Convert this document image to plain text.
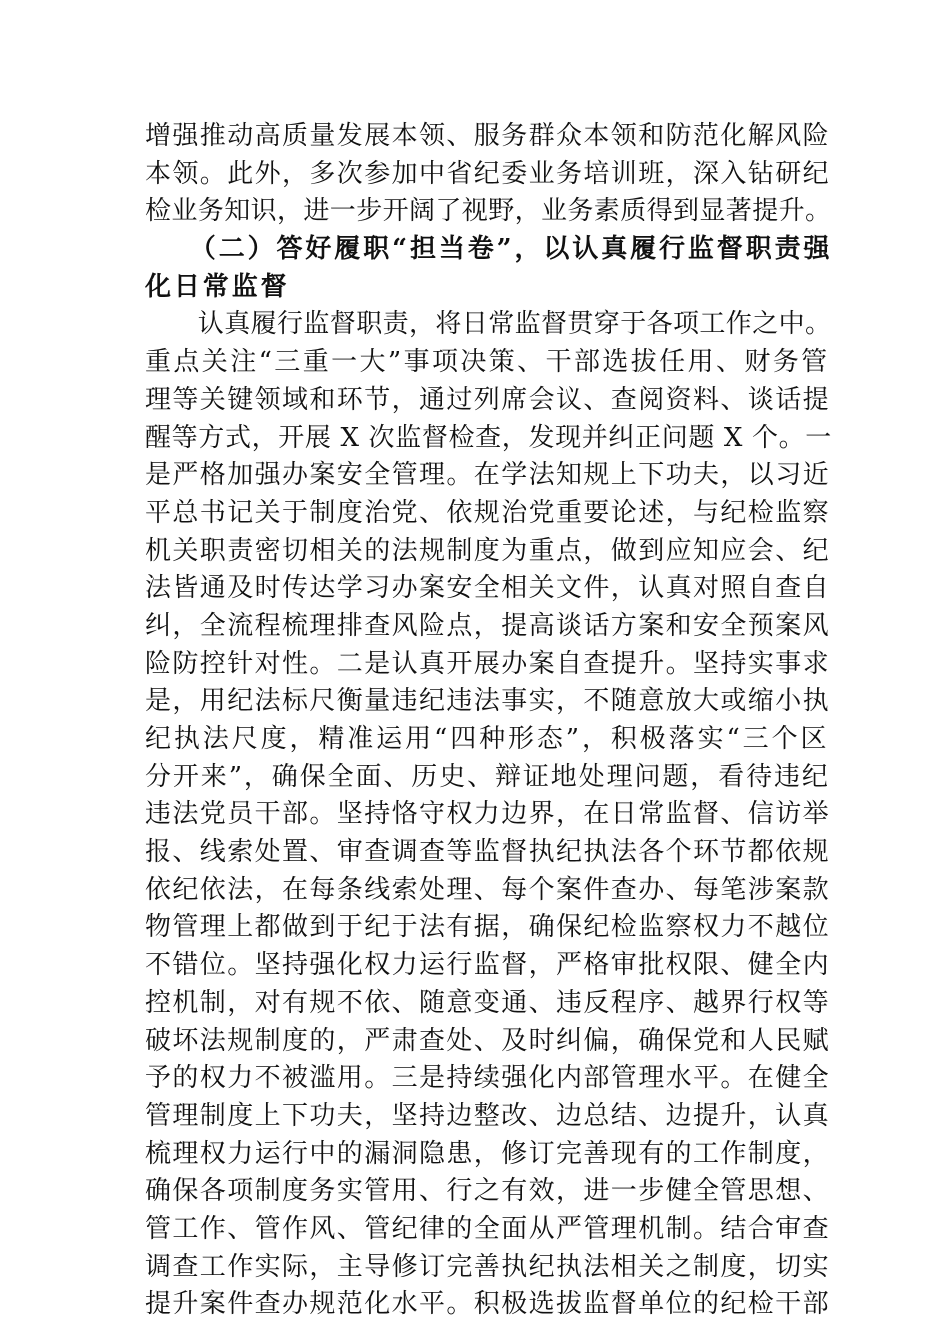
增强推动高质量发展本领、服务群众本领和防范化解风险
本领。此外，多次参加中省纪委业务培训班，深入钻研纪
检业务知识，进一步开阔了视野，业务素质得到显著提升。
　　（二）答好履职“担当卷”，以认真履行监督职责强
化日常监督
　　认真履行监督职责，将日常监督贯穿于各项工作之中。
重点关注“三重一大”事项决策、干部选拔任用、财务管
理等关键领域和环节，通过列席会议、查阅资料、谈话提
醒等方式，开展 X 次监督检查，发现并纠正问题 X 个。一
是严格加强办案安全管理。在学法知规上下功夫，以习近
平总书记关于制度治党、依规治党重要论述，与纪检监察
机关职责密切相关的法规制度为重点，做到应知应会、纪
法皆通及时传达学习办案安全相关文件，认真对照自查自
纠，全流程梳理排查风险点，提高谈话方案和安全预案风
险防控针对性。二是认真开展办案自查提升。坚持实事求
是，用纪法标尺衡量违纪违法事实，不随意放大或缩小执
纪执法尺度，精准运用“四种形态”，积极落实“三个区
分开来”，确保全面、历史、辩证地处理问题，看待违纪
违法党员干部。坚持恪守权力边界，在日常监督、信访举
报、线索处置、审查调查等监督执纪执法各个环节都依规
依纪依法，在每条线索处理、每个案件查办、每笔涉案款
物管理上都做到于纪于法有据，确保纪检监察权力不越位
不错位。坚持强化权力运行监督，严格审批权限、健全内
控机制，对有规不依、随意变通、违反程序、越界行权等
破坏法规制度的，严肃查处、及时纠偏，确保党和人民赋
予的权力不被滥用。三是持续强化内部管理水平。在健全
管理制度上下功夫，坚持边整改、边总结、边提升，认真
梳理权力运行中的漏洞隐患，修订完善现有的工作制度，
确保各项制度务实管用、行之有效，进一步健全管思想、
管工作、管作风、管纪律的全面从严管理机制。结合审查
调查工作实际，主导修订完善执纪执法相关之制度，切实
提升案件查办规范化水平。积极选拔监督单位的纪检干部
